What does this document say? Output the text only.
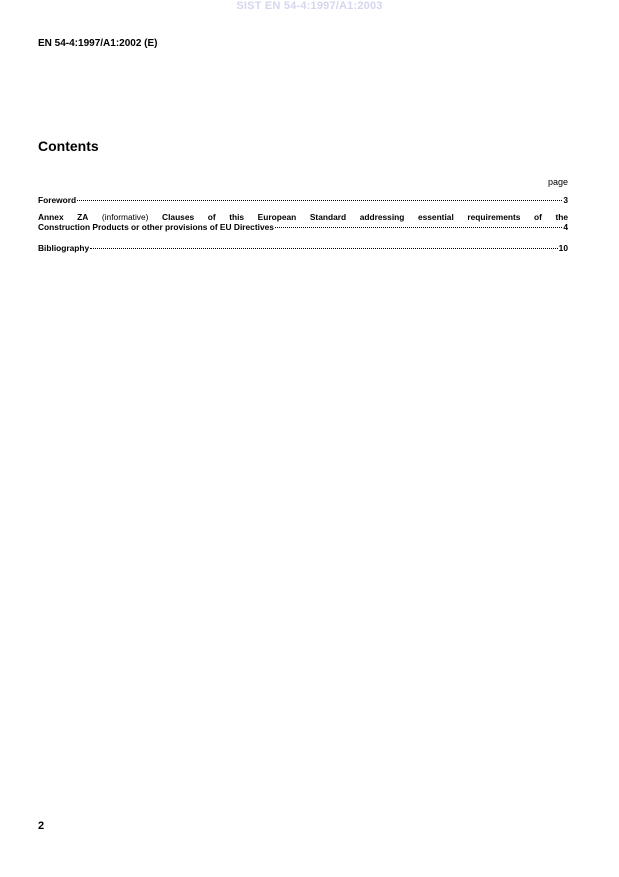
SIST EN 54-4:1997/A1:2003
EN 54-4:1997/A1:2002 (E)
Contents
page
Foreword	3
Annex ZA (informative) Clauses of this European Standard addressing essential requirements of the
Construction Products or other provisions of EU Directives	4
Bibliography	10
2
